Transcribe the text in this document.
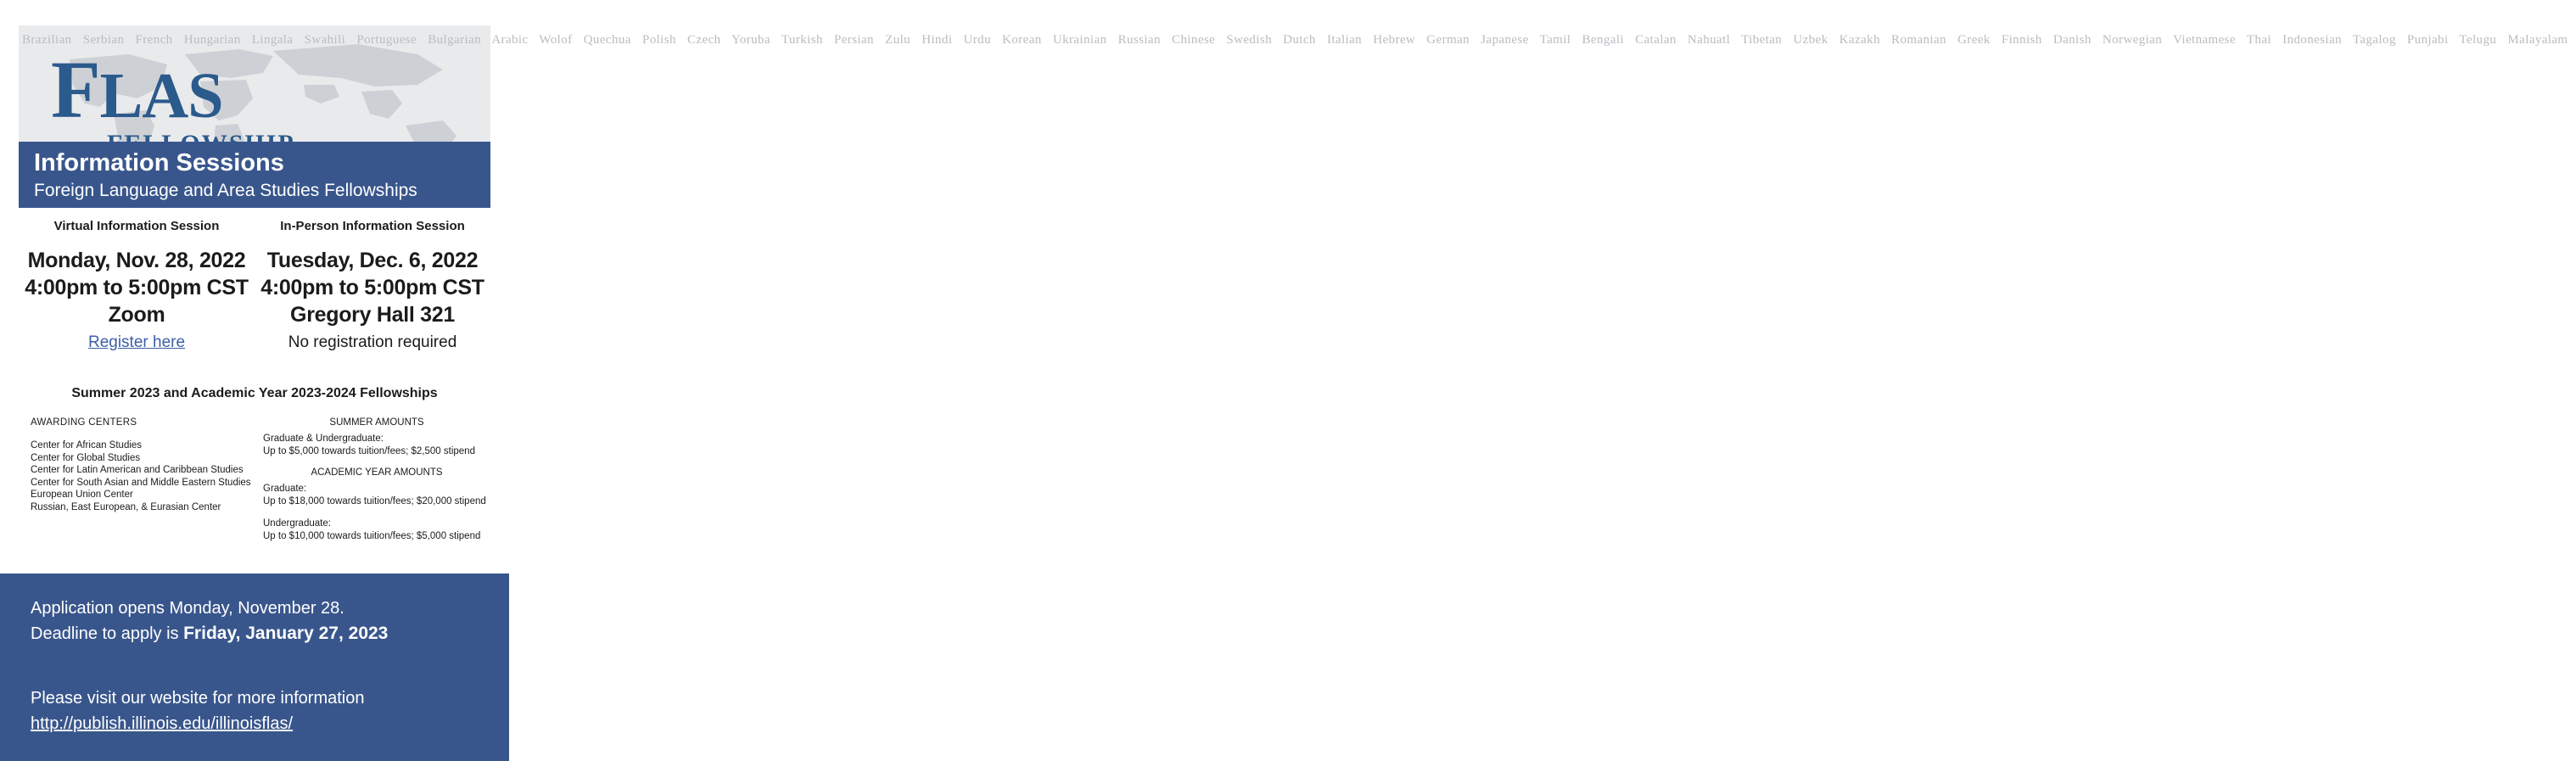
Brazilian Serbian French Hungarian Lingala Swahili Portuguese Bulgarian Arabic Wolof Quechua Polish Czech Yoruba Turkish Persian Zulu Hindi Urdu Korean Ukrainian Russian Chinese Swedish Dutch Italian Hebrew German Japanese Tamil Bengali Catalan Nahuatl Tibetan Uzbek Kazakh Romanian Greek Finnish Danish Norwegian Vietnamese Thai Indonesian Tagalog Punjabi Telugu Malayalam
FLAS
Information Sessions
Foreign Language and Area Studies Fellowships
Virtual Information Session
Monday, Nov. 28, 2022
4:00pm to 5:00pm CST
Zoom
Register here
In-Person Information Session
Tuesday, Dec. 6, 2022
4:00pm to 5:00pm CST
Gregory Hall 321
No registration required
Summer 2023 and Academic Year 2023-2024 Fellowships
AWARDING CENTERS
Center for African Studies
Center for Global Studies
Center for Latin American and Caribbean Studies
Center for South Asian and Middle Eastern Studies
European Union Center
Russian, East European, & Eurasian Center
SUMMER AMOUNTS
Graduate & Undergraduate:
Up to $5,000 towards tuition/fees; $2,500 stipend
ACADEMIC YEAR AMOUNTS
Graduate:
Up to $18,000 towards tuition/fees; $20,000 stipend
Undergraduate:
Up to $10,000 towards tuition/fees; $5,000 stipend
Application opens Monday, November 28.
Deadline to apply is Friday, January 27, 2023
Please visit our website for more information
http://publish.illinois.edu/illinoisflas/
